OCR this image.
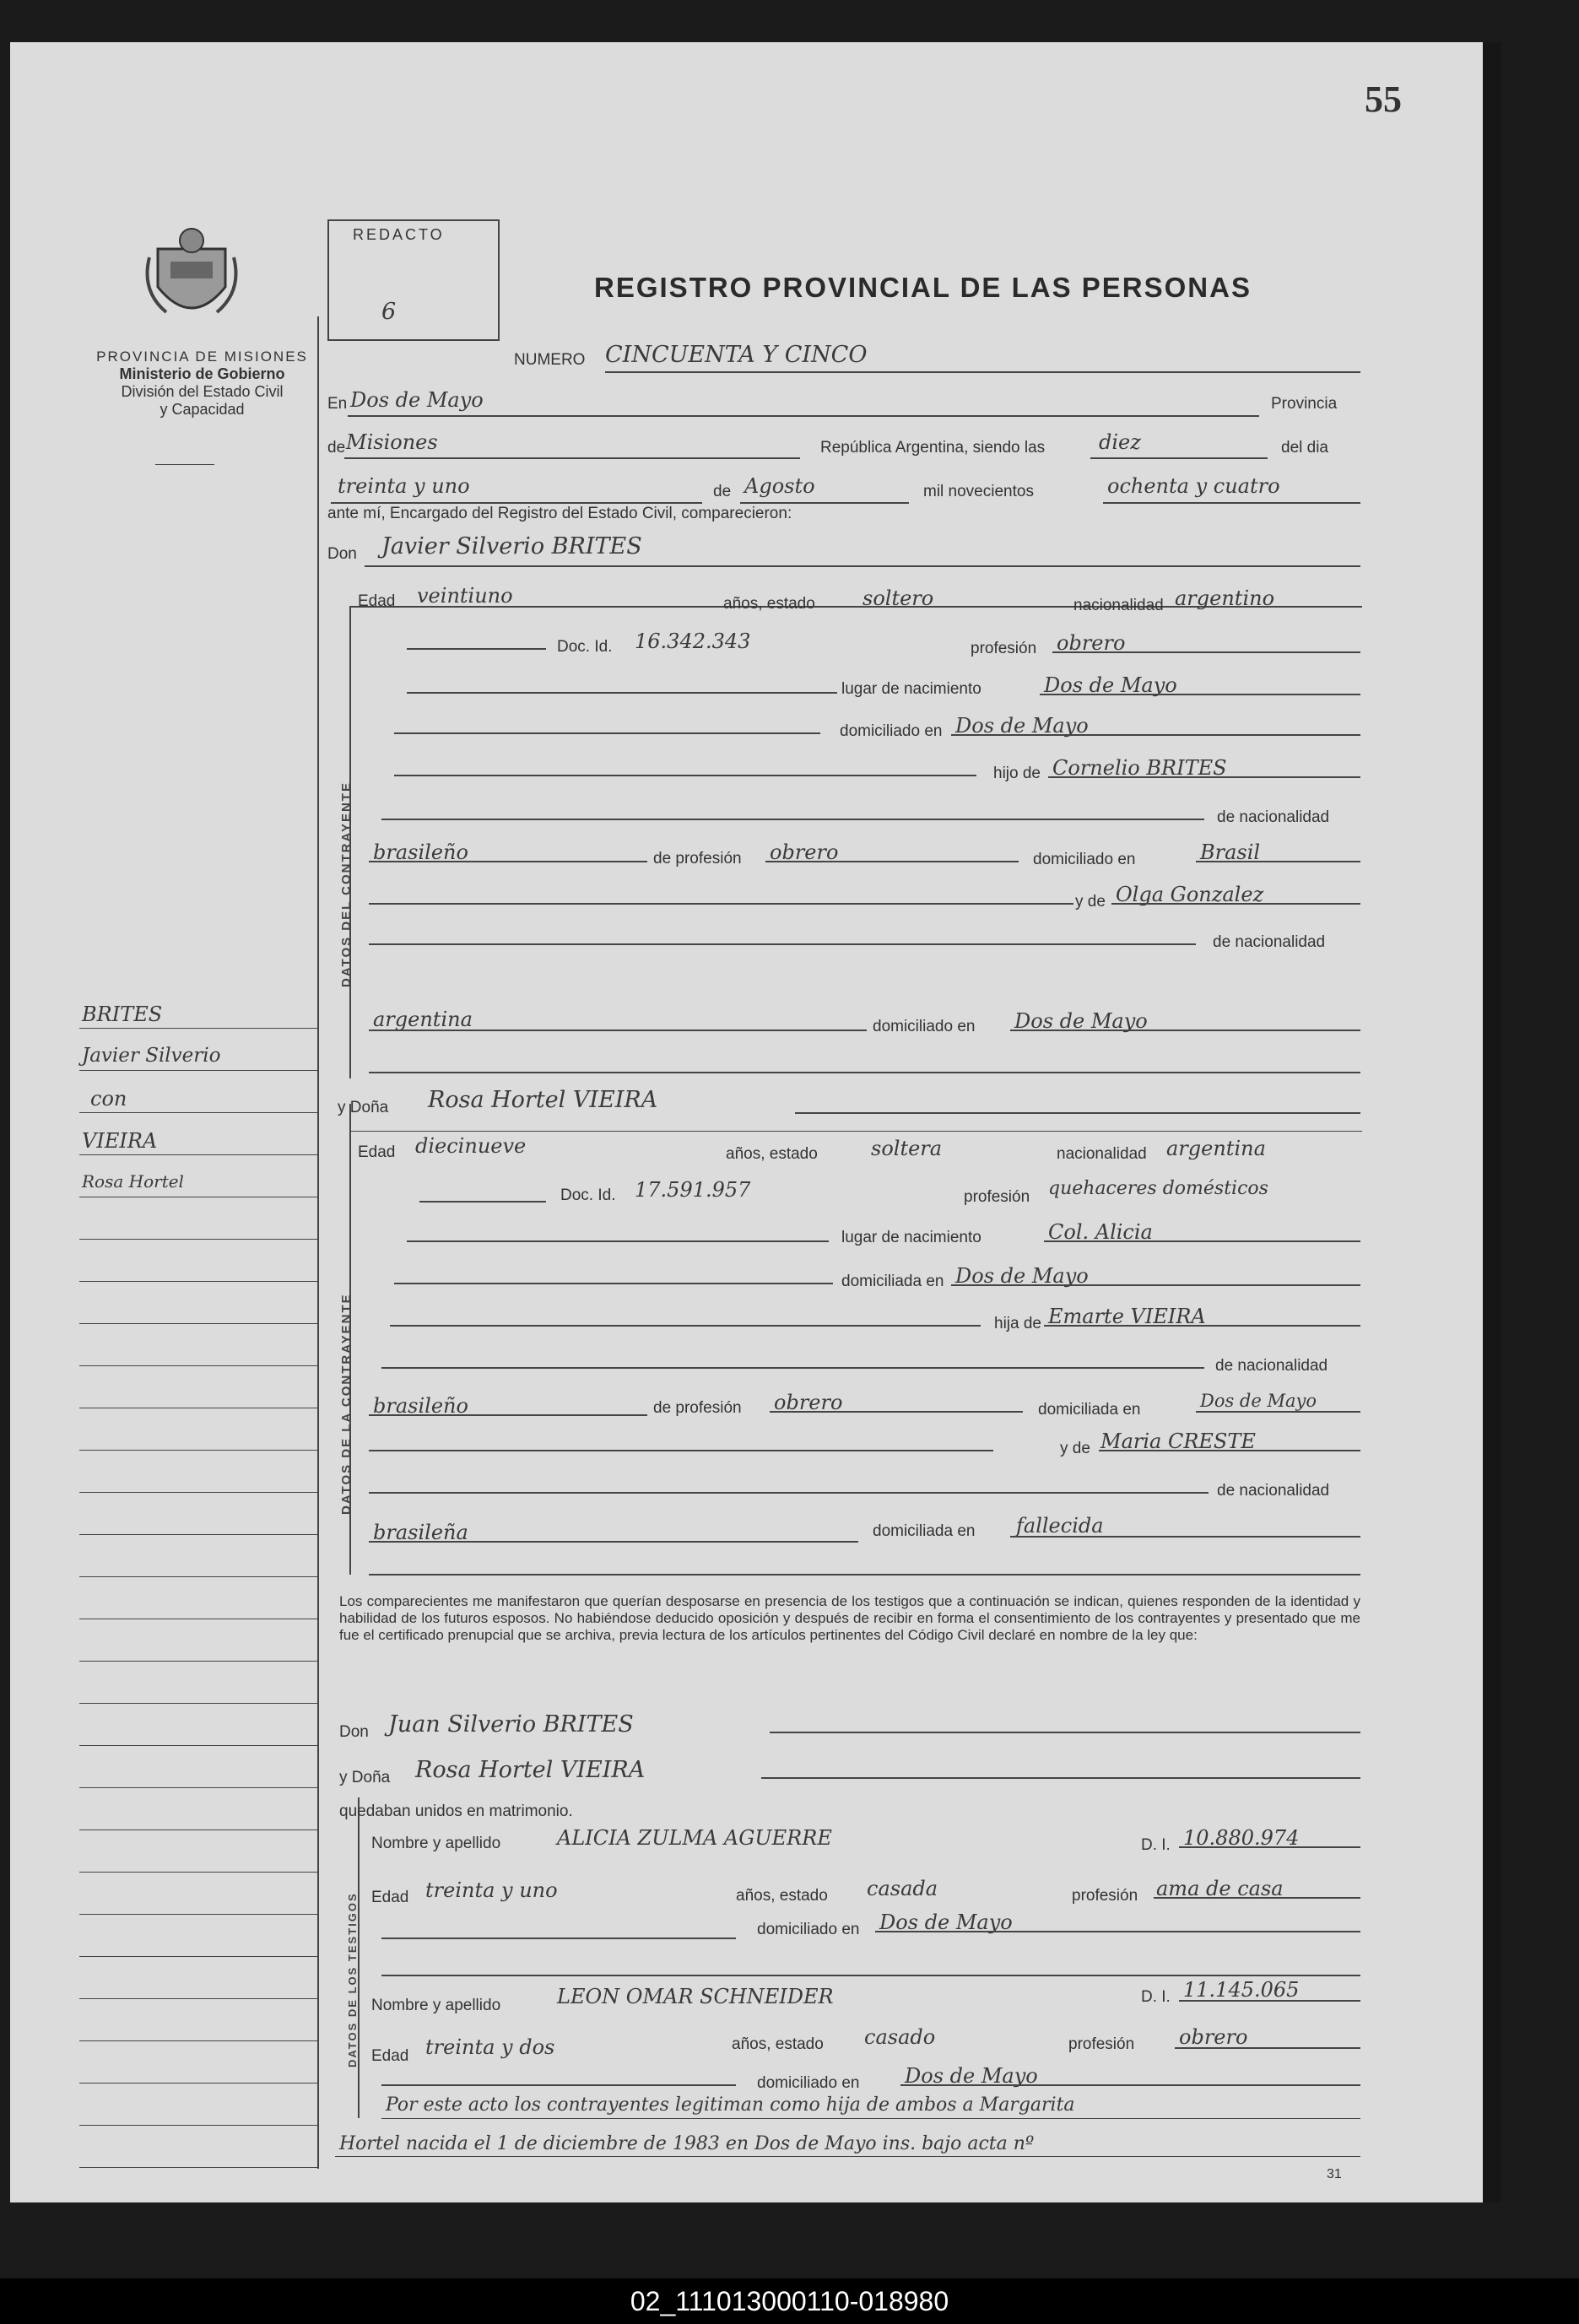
55
PROVINCIA DE MISIONES
Ministerio de Gobierno
División del Estado Civil
y Capacidad
REDACTO
6
REGISTRO PROVINCIAL DE LAS PERSONAS
NUMERO CINCUENTA Y CINCO
En Dos de Mayo	Provincia
de Misiones	República Argentina, siendo las	diez	del dia
treinta y uno	de Agosto	mil novecientos	ochenta y cuatro
ante mí, Encargado del Registro del Estado Civil, comparecieron:
Don Javier Silverio BRITES
DATOS DEL CONTRAYENTE
Edad veintiuno	años, estado soltero	nacionalidad argentino
Doc. Id. 16.342.343	profesión obrero
lugar de nacimiento	Dos de Mayo
domiciliado en Dos de Mayo
hijo de Cornelio BRITES
de nacionalidad
brasileño	de profesión obrero	domiciliado en	Brasil
y de Olga Gonzalez
de nacionalidad
argentina	domiciliado en Dos de Mayo
y Doña Rosa Hortel VIEIRA
DATOS DE LA CONTRAYENTE
Edad diecinueve	años, estado	soltera	nacionalidad argentina
Doc. Id. 17.591.957	profesión quehaceres domésticos
lugar de nacimiento	Col. Alicia
domiciliada en Dos de Mayo
hija de Emarte VIEIRA
de nacionalidad
brasileño	de profesión obrero	domiciliada en	Dos de Mayo
y de Maria CRESTE
de nacionalidad
brasileña	domiciliada en fallecida
Los comparecientes me manifestaron que querían desposarse en presencia de los testigos que a continuación se indican, quienes responden de la identidad y habilidad de los futuros esposos. No habiéndose deducido oposición y después de recibir en forma el consentimiento de los contrayentes y presentado que me fue el certificado prenupcial que se archiva, previa lectura de los artículos pertinentes del Código Civil declaré en nombre de la ley que:
Don Juan Silverio BRITES
y Doña Rosa Hortel VIEIRA
quedaban unidos en matrimonio.
DATOS DE LOS TESTIGOS
Nombre y apellido	ALICIA ZULMA AGUERRE	D. I. 10.880.974
Edad treinta y uno	años, estado casada	profesión ama de casa
domiciliado en Dos de Mayo
Nombre y apellido	LEON OMAR SCHNEIDER	D. I. 11.145.065
Edad treinta y dos	años, estado casado	profesión obrero
domiciliado en Dos de Mayo
Por este acto los contrayentes legitiman como hija de ambos a Margarita
Hortel nacida el 1 de diciembre de 1983 en Dos de Mayo ins. bajo acta nº
31
BRITES
Javier Silverio
con
VIEIRA
Rosa Hortel
02_111013000110-018980
